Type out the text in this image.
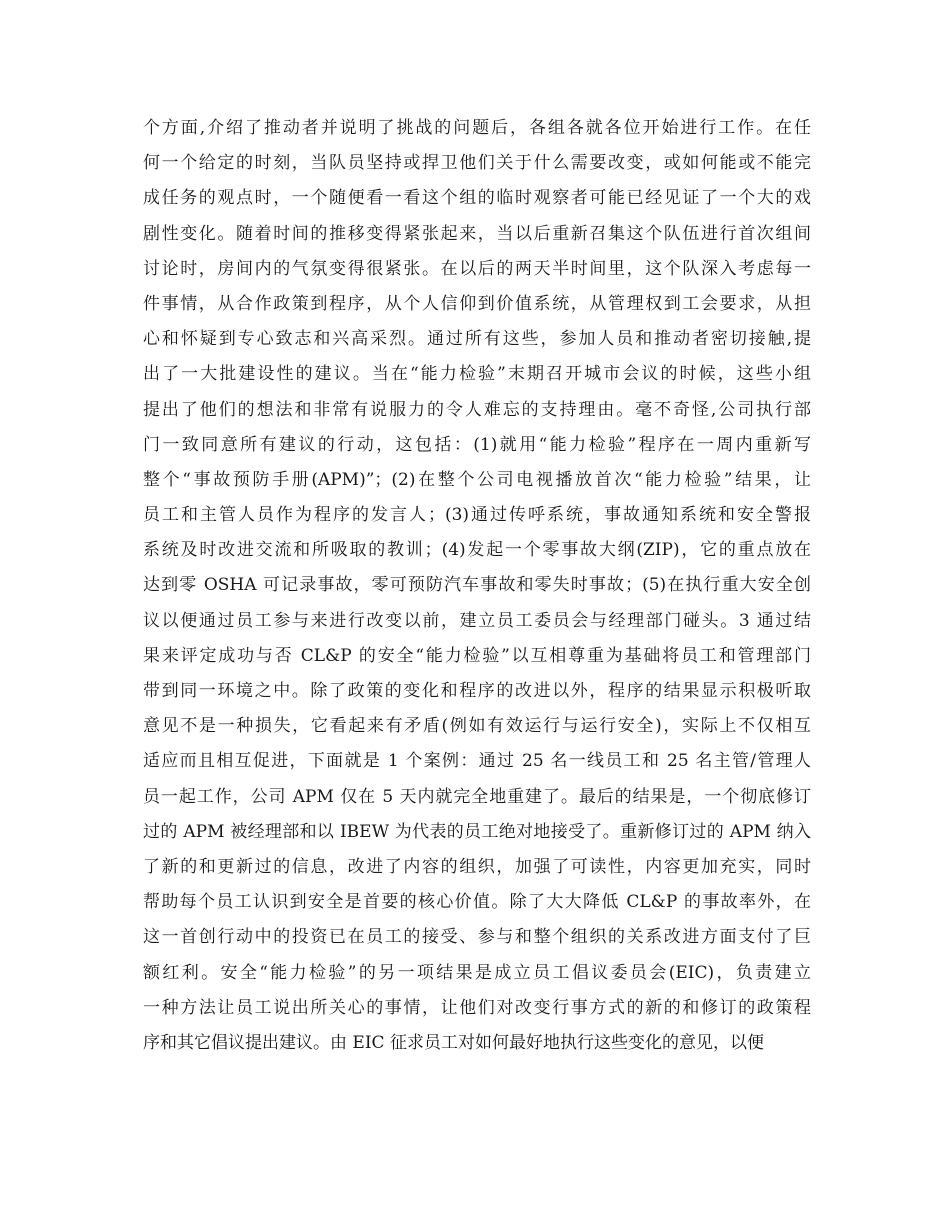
个方面,介绍了推动者并说明了挑战的问题后，各组各就各位开始进行工作。在任
何一个给定的时刻，当队员坚持或捍卫他们关于什么需要改变，或如何能或不能完
成任务的观点时，一个随便看一看这个组的临时观察者可能已经见证了一个大的戏
剧性变化。随着时间的推移变得紧张起来，当以后重新召集这个队伍进行首次组间
讨论时，房间内的气氛变得很紧张。在以后的两天半时间里，这个队深入考虑每一
件事情，从合作政策到程序，从个人信仰到价值系统，从管理权到工会要求，从担
心和怀疑到专心致志和兴高采烈。通过所有这些，参加人员和推动者密切接触,提
出了一大批建设性的建议。当在“能力检验”末期召开城市会议的时候，这些小组
提出了他们的想法和非常有说服力的令人难忘的支持理由。毫不奇怪,公司执行部
门一致同意所有建议的行动，这包括：(1)就用“能力检验”程序在一周内重新写
整个“事故预防手册(APM)”；(2)在整个公司电视播放首次“能力检验”结果，让
员工和主管人员作为程序的发言人；(3)通过传呼系统，事故通知系统和安全警报
系统及时改进交流和所吸取的教训；(4)发起一个零事故大纲(ZIP)，它的重点放在
达到零 OSHA 可记录事故，零可预防汽车事故和零失时事故；(5)在执行重大安全创
议以便通过员工参与来进行改变以前，建立员工委员会与经理部门碰头。3 通过结
果来评定成功与否 CL&P 的安全“能力检验”以互相尊重为基础将员工和管理部门
带到同一环境之中。除了政策的变化和程序的改进以外，程序的结果显示积极听取
意见不是一种损失，它看起来有矛盾(例如有效运行与运行安全)，实际上不仅相互
适应而且相互促进，下面就是 1 个案例：通过 25 名一线员工和 25 名主管/管理人
员一起工作，公司 APM 仅在 5 天内就完全地重建了。最后的结果是，一个彻底修订
过的 APM 被经理部和以 IBEW 为代表的员工绝对地接受了。重新修订过的 APM 纳入
了新的和更新过的信息，改进了内容的组织，加强了可读性，内容更加充实，同时
帮助每个员工认识到安全是首要的核心价值。除了大大降低 CL&P 的事故率外，在
这一首创行动中的投资已在员工的接受、参与和整个组织的关系改进方面支付了巨
额红利。安全“能力检验”的另一项结果是成立员工倡议委员会(EIC)，负责建立
一种方法让员工说出所关心的事情，让他们对改变行事方式的新的和修订的政策程
序和其它倡议提出建议。由 EIC 征求员工对如何最好地执行这些变化的意见，以便
